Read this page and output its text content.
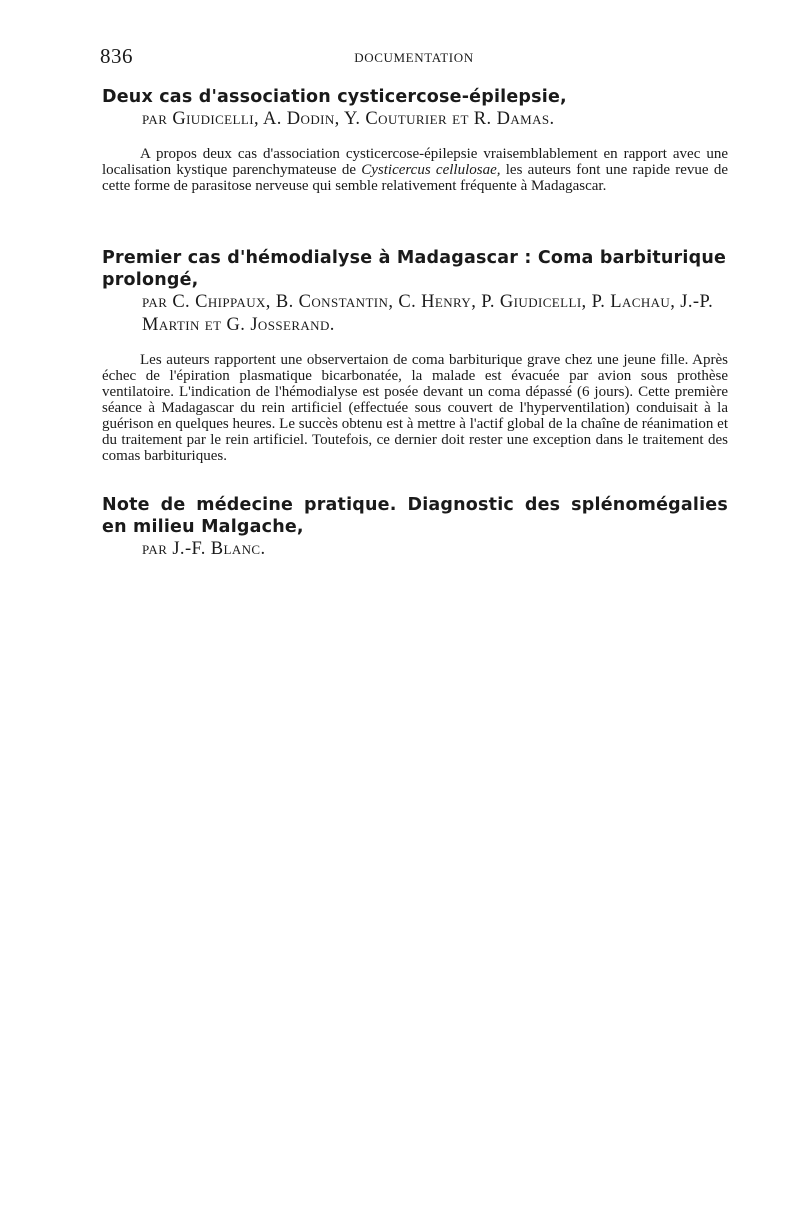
836	DOCUMENTATION
Deux cas d'association cysticercose-épilepsie,

par Giudicelli, A. Dodin, Y. Couturier et R. Damas.

A propos deux cas d'association cysticercose-épilepsie vraisemblablement en rapport avec une localisation kystique parenchymateuse de Cysticercus cellulosae, les auteurs font une rapide revue de cette forme de parasitose nerveuse qui semble relativement fréquente à Madagascar.

Premier cas d'hémodialyse à Madagascar : Coma barbiturique prolongé,

par C. Chippaux, B. Constantin, C. Henry, P. Giudicelli, P. Lachau, J.-P. Martin et G. Josserand.

Les auteurs rapportent une observertaion de coma barbiturique grave chez une jeune fille. Après échec de l'épiration plasmatique bicarbonatée, la malade est évacuée par avion sous prothèse ventilatoire. L'indication de l'hémodialyse est posée devant un coma dépassé (6 jours). Cette première séance à Madagascar du rein artificiel (effectuée sous couvert de l'hyperventilation) conduisait à la guérison en quelques heures. Le succès obtenu est à mettre à l'actif global de la chaîne de réanimation et du traitement par le rein artificiel. Toutefois, ce dernier doit rester une exception dans le traitement des comas barbituriques.

Note de médecine pratique. Diagnostic des splénomégalies en milieu Malgache,

par J.-F. Blanc.
